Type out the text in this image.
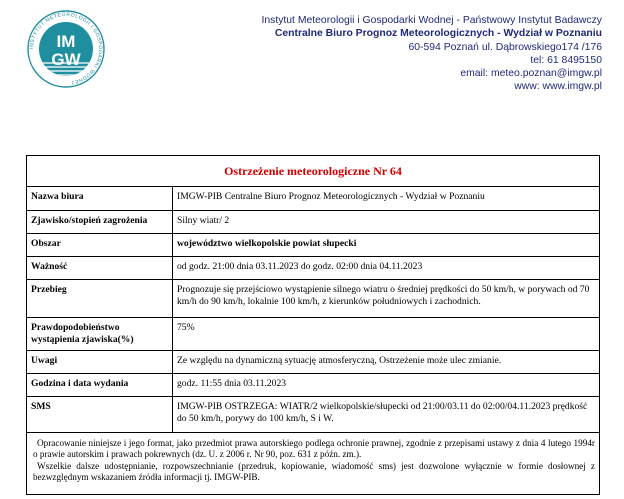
INSTYTUT METEOROLOGII I GOSPODARKI WODNEJ
IM
GW
Instytut Meteorologii i Gospodarki Wodnej - Państwowy Instytut Badawczy
Centralne Biuro Prognoz Meteorologicznych - Wydział w Poznaniu
60-594 Poznań ul. Dąbrowskiego174 /176
tel: 61 8495150
email: meteo.poznan@imgw.pl
www: www.imgw.pl
Ostrzeżenie meteorologiczne Nr 64
Nazwa biura	IMGW-PIB Centralne Biuro Prognoz Meteorologicznych - Wydział w Poznaniu
Zjawisko/stopień zagrożenia	Silny wiatr/ 2
Obszar	województwo wielkopolskie powiat słupecki
Ważność	od godz. 21:00 dnia 03.11.2023 do godz. 02:00 dnia 04.11.2023
Przebieg	Prognozuje się przejściowo wystąpienie silnego wiatru o średniej prędkości do 50 km/h, w porywach od 70 km/h do 90 km/h, lokalnie 100 km/h, z kierunków południowych i zachodnich.
Prawdopodobieństwo wystąpienia zjawiska(%)	75%
Uwagi	Ze względu na dynamiczną sytuację atmosferyczną, Ostrzeżenie może ulec zmianie.
Godzina i data wydania	godz. 11:55 dnia 03.11.2023
SMS	IMGW-PIB OSTRZEGA: WIATR/2 wielkopolskie/słupecki od 21:00/03.11 do 02:00/04.11.2023 prędkość do 50 km/h, porywy do 100 km/h, S i W.

Opracowanie niniejsze i jego format, jako przedmiot prawa autorskiego podlega ochronie prawnej, zgodnie z przepisami ustawy z dnia 4 lutego 1994r o prawie autorskim i prawach pokrewnych (dz. U. z 2006 r. Nr 90, poz. 631 z późn. zm.).

Wszelkie dalsze udostępnianie, rozpowszechnianie (przedruk, kopiowanie, wiadomość sms) jest dozwolone wyłącznie w formie dosłownej z bezwzględnym wskazaniem źródła informacji tj. IMGW-PIB.
